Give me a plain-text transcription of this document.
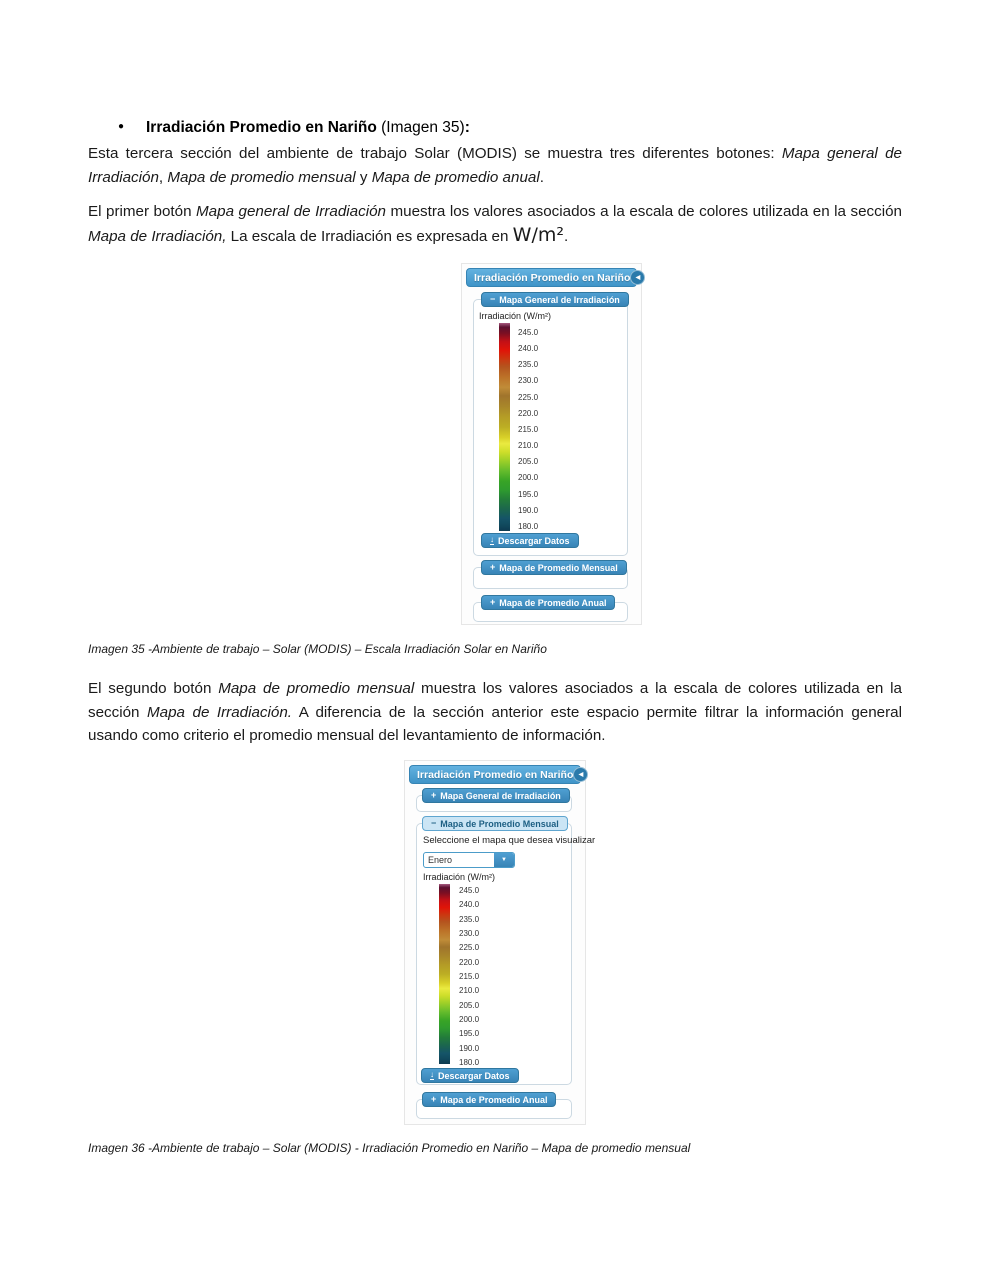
● Irradiación Promedio en Nariño (Imagen 35):
Esta tercera sección del ambiente de trabajo Solar (MODIS) se muestra tres diferentes botones: Mapa general de Irradiación, Mapa de promedio mensual y Mapa de promedio anual.
El primer botón Mapa general de Irradiación muestra los valores asociados a la escala de colores utilizada en la sección Mapa de Irradiación, La escala de Irradiación es expresada en W/m².
Irradiación Promedio en Nariño ◀
− Mapa General de Irradiación
Irradiación (W/m²)
245.0
240.0
235.0
230.0
225.0
220.0
215.0
210.0
205.0
200.0
195.0
190.0
180.0
↓ Descargar Datos
+ Mapa de Promedio Mensual
+ Mapa de Promedio Anual
Imagen 35 -Ambiente de trabajo – Solar (MODIS) – Escala Irradiación Solar en Nariño
El segundo botón Mapa de promedio mensual muestra los valores asociados a la escala de colores utilizada en la sección Mapa de Irradiación. A diferencia de la sección anterior este espacio permite filtrar la información general usando como criterio el promedio mensual del levantamiento de información.
Irradiación Promedio en Nariño ◀
+ Mapa General de Irradiación
− Mapa de Promedio Mensual
Seleccione el mapa que desea visualizar
Enero	▼
Irradiación (W/m²)
245.0
240.0
235.0
230.0
225.0
220.0
215.0
210.0
205.0
200.0
195.0
190.0
180.0
↓ Descargar Datos
+ Mapa de Promedio Anual
Imagen 36 -Ambiente de trabajo – Solar (MODIS) - Irradiación Promedio en Nariño – Mapa de promedio mensual
